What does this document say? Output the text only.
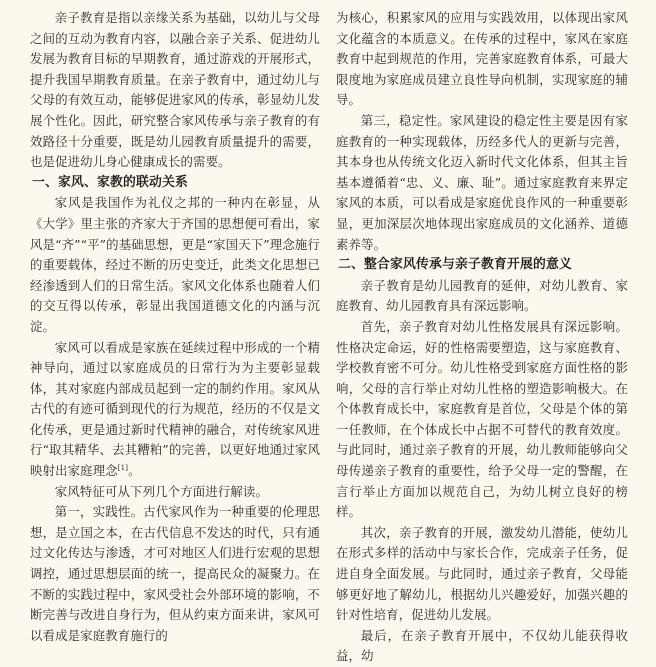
亲子教育是指以亲缘关系为基础，以幼儿与父母之间的互动为教育内容，以融合亲子关系、促进幼儿发展为教育目标的早期教育，通过游戏的开展形式，提升我国早期教育质量。在亲子教育中，通过幼儿与父母的有效互动，能够促进家风的传承，彰显幼儿发展个性化。因此，研究整合家风传承与亲子教育的有效路径十分重要，既是幼儿园教育质量提升的需要，也是促进幼儿身心健康成长的需要。

一、家风、家教的联动关系

家风是我国作为礼仪之邦的一种内在彰显，从《大学》里主张的齐家大于齐国的思想便可看出，家风是“齐”“平”的基础思想，更是“家国天下”理念施行的重要载体，经过不断的历史变迁，此类文化思想已经渗透到人们的日常生活。家风文化体系也随着人们的交互得以传承，彰显出我国道德文化的内涵与沉淀。

家风可以看成是家族在延续过程中形成的一个精神导向，通过以家庭成员的日常行为为主要彰显载体，其对家庭内部成员起到一定的制约作用。家风从古代的有迹可循到现代的行为规范，经历的不仅是文化传承，更是通过新时代精神的融合，对传统家风进行“取其精华、去其糟粕”的完善，以更好地通过家风映射出家庭理念[1]。

家风特征可从下列几个方面进行解读。

第一，实践性。古代家风作为一种重要的伦理思想，是立国之本，在古代信息不发达的时代，只有通过文化传达与渗透，才可对地区人们进行宏观的思想调控，通过思想层面的统一，提高民众的凝聚力。在不断的实践过程中，家风受社会外部环境的影响，不断完善与改进自身行为，但从约束方面来讲，家风可以看成是家庭教育施行的

为核心，积累家风的应用与实践效用，以体现出家风文化蕴含的本质意义。在传承的过程中，家风在家庭教育中起到规范的作用，完善家庭教育体系，可最大限度地为家庭成员建立良性导向机制，实现家庭的辅导。

第三，稳定性。家风建设的稳定性主要是因有家庭教育的一种实现载体，历经多代人的更新与完善，其本身也从传统文化迈入新时代文化体系，但其主旨基本遵循着“忠、义、廉、耻”。通过家庭教育来界定家风的本质，可以看成是家庭优良作风的一种重要彰显，更加深层次地体现出家庭成员的文化涵养、道德素养等。

二、整合家风传承与亲子教育开展的意义

亲子教育是幼儿园教育的延伸，对幼儿教育、家庭教育、幼儿园教育具有深远影响。

首先，亲子教育对幼儿性格发展具有深远影响。性格决定命运，好的性格需要塑造，这与家庭教育、学校教育密不可分。幼儿性格受到家庭方面性格的影响，父母的言行举止对幼儿性格的塑造影响极大。在个体教育成长中，家庭教育是首位，父母是个体的第一任教师，在个体成长中占据不可替代的教育效度。与此同时，通过亲子教育的开展，幼儿教师能够向父母传递亲子教育的重要性，给予父母一定的警醒，在言行举止方面加以规范自己，为幼儿树立良好的榜样。

其次，亲子教育的开展，激发幼儿潜能，使幼儿在形式多样的活动中与家长合作，完成亲子任务，促进自身全面发展。与此同时，通过亲子教育，父母能够更好地了解幼儿，根据幼儿兴趣爱好，加强兴趣的针对性培育，促进幼儿发展。

最后，在亲子教育开展中，不仅幼儿能获得收益，幼
